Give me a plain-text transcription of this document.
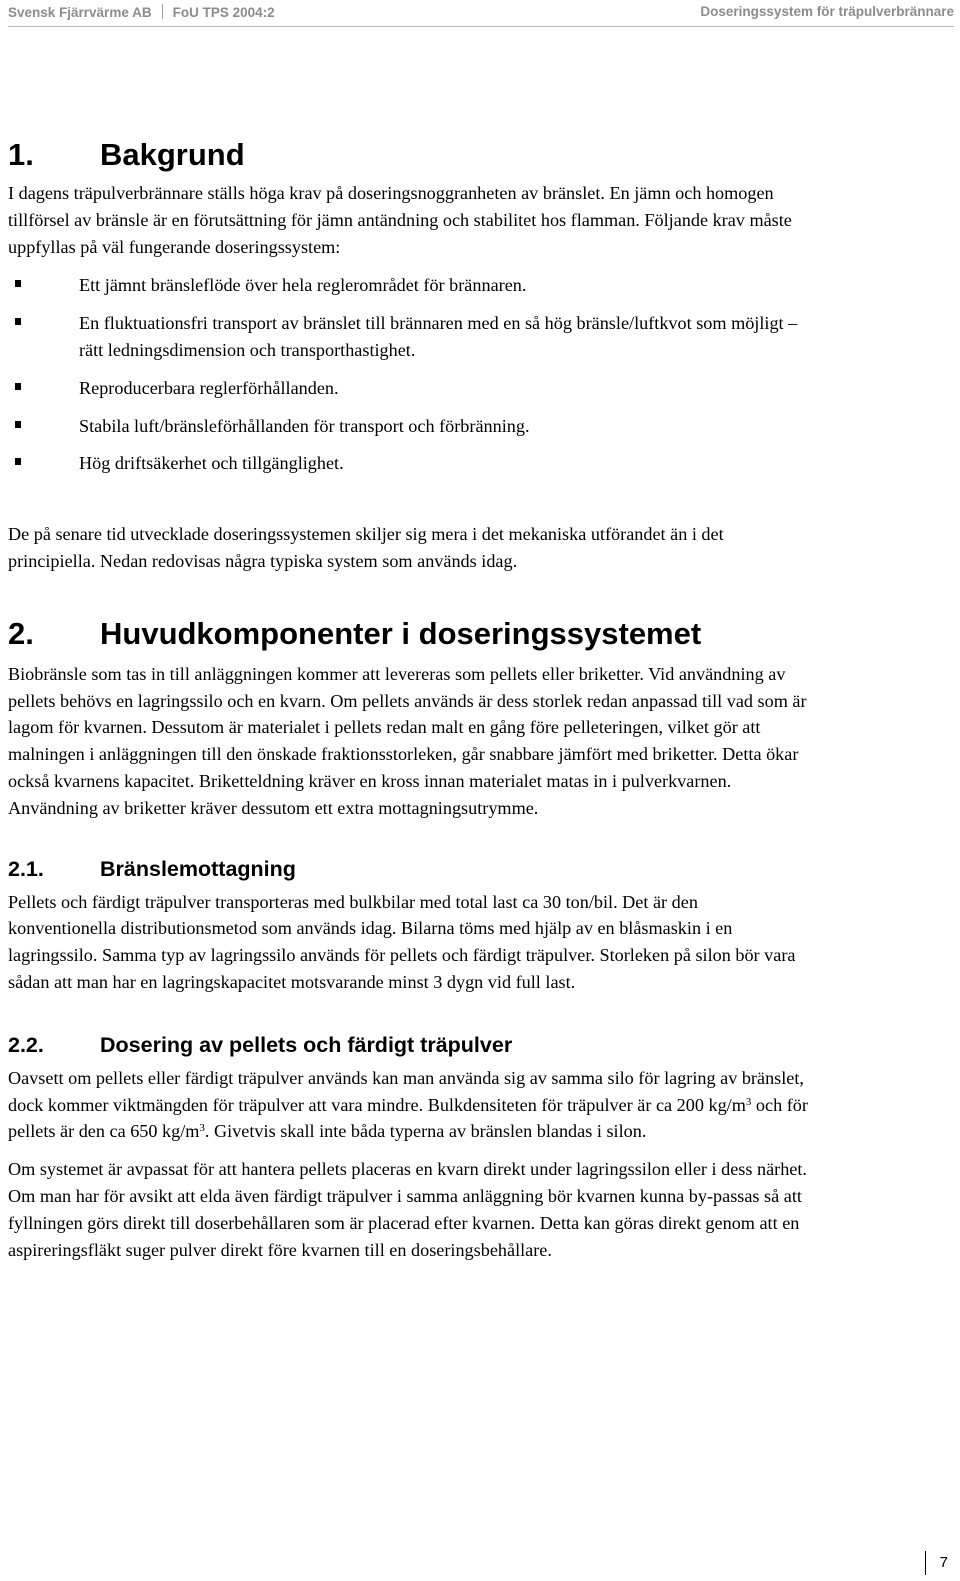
Svensk Fjärrvärme AB FoU TPS 2004:2	Doseringssystem för träpulverbrännare
1. Bakgrund

I dagens träpulverbrännare ställs höga krav på doseringsnoggranheten av bränslet. En jämn och homogen tillförsel av bränsle är en förutsättning för jämn antändning och stabilitet hos flamman. Följande krav måste uppfyllas på väl fungerande doseringssystem:

Ett jämnt bränsleflöde över hela reglerområdet för brännaren.
En fluktuationsfri transport av bränslet till brännaren med en så hög bränsle/luftkvot som möjligt – rätt ledningsdimension och transporthastighet.
Reproducerbara reglerförhållanden.
Stabila luft/bränsleförhållanden för transport och förbränning.
Hög driftsäkerhet och tillgänglighet.

De på senare tid utvecklade doseringssystemen skiljer sig mera i det mekaniska utförandet än i det principiella. Nedan redovisas några typiska system som används idag.

2. Huvudkomponenter i doseringssystemet

Biobränsle som tas in till anläggningen kommer att levereras som pellets eller briketter. Vid användning av pellets behövs en lagringssilo och en kvarn. Om pellets används är dess storlek redan anpassad till vad som är lagom för kvarnen. Dessutom är materialet i pellets redan malt en gång före pelleteringen, vilket gör att malningen i anläggningen till den önskade fraktionsstorleken, går snabbare jämfört med briketter. Detta ökar också kvarnens kapacitet. Briketteldning kräver en kross innan materialet matas in i pulverkvarnen. Användning av briketter kräver dessutom ett extra mottagningsutrymme.

2.1.	Bränslemottagning

Pellets och färdigt träpulver transporteras med bulkbilar med total last ca 30 ton/bil. Det är den konventionella distributionsmetod som används idag. Bilarna töms med hjälp av en blåsmaskin i en lagringssilo. Samma typ av lagringssilo används för pellets och färdigt träpulver. Storleken på silon bör vara sådan att man har en lagringskapacitet motsvarande minst 3 dygn vid full last.

2.2.	Dosering av pellets och färdigt träpulver

Oavsett om pellets eller färdigt träpulver används kan man använda sig av samma silo för lagring av bränslet, dock kommer viktmängden för träpulver att vara mindre. Bulkdensiteten för träpulver är ca 200 $kg/m^3$ och för pellets är den ca 650 $kg/m^3$. Givetvis skall inte båda typerna av bränslen blandas i silon.

Om systemet är avpassat för att hantera pellets placeras en kvarn direkt under lagringssilon eller i dess närhet. Om man har för avsikt att elda även färdigt träpulver i samma anläggning bör kvarnen kunna by-passas så att fyllningen görs direkt till doserbehållaren som är placerad efter kvarnen. Detta kan göras direkt genom att en aspireringsfläkt suger pulver direkt före kvarnen till en doseringsbehållare.

7
